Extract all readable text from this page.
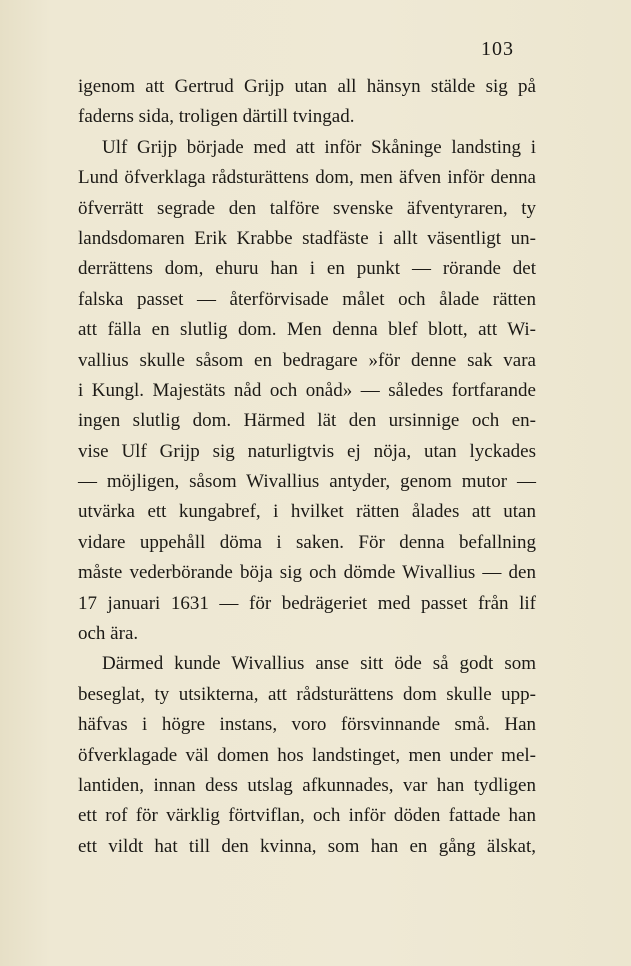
103
igenom att Gertrud Grijp utan all hänsyn stälde sig på
faderns sida, troligen därtill tvingad.
Ulf Grijp började med att inför Skåninge landsting i
Lund öfverklaga rådsturättens dom, men äfven inför denna
öfverrätt segrade den talföre svenske äfventyraren, ty
landsdomaren Erik Krabbe stadfäste i allt väsentligt un-
derrättens dom, ehuru han i en punkt — rörande det
falska passet — återförvisade målet och ålade rätten
att fälla en slutlig dom. Men denna blef blott, att Wi-
vallius skulle såsom en bedragare »för denne sak vara
i Kungl. Majestäts nåd och onåd» — således fortfarande
ingen slutlig dom. Härmed lät den ursinnige och en-
vise Ulf Grijp sig naturligtvis ej nöja, utan lyckades
— möjligen, såsom Wivallius antyder, genom mutor —
utvärka ett kungabref, i hvilket rätten ålades att utan
vidare uppehåll döma i saken. För denna befallning
måste vederbörande böja sig och dömde Wivallius — den
17 januari 1631 — för bedrägeriet med passet från lif
och ära.
Därmed kunde Wivallius anse sitt öde så godt som
beseglat, ty utsikterna, att rådsturättens dom skulle upp-
häfvas i högre instans, voro försvinnande små. Han
öfverklagade väl domen hos landstinget, men under mel-
lantiden, innan dess utslag afkunnades, var han tydligen
ett rof för värklig förtviflan, och inför döden fattade han
ett vildt hat till den kvinna, som han en gång älskat,
